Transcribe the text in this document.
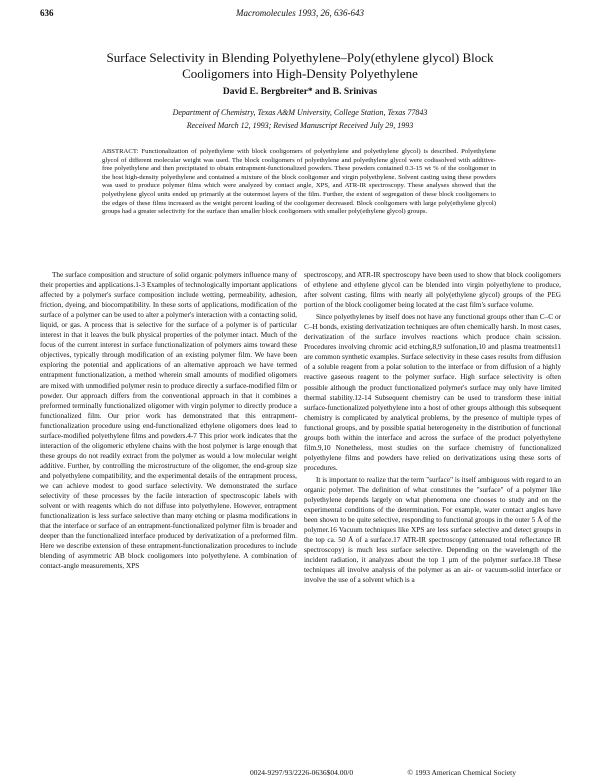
636	Macromolecules 1993, 26, 636-643
Surface Selectivity in Blending Polyethylene–Poly(ethylene glycol) Block Cooligomers into High-Density Polyethylene
David E. Bergbreiter* and B. Srinivas
Department of Chemistry, Texas A&M University, College Station, Texas 77843
Received March 12, 1993; Revised Manuscript Received July 29, 1993
ABSTRACT: Functionalization of polyethylene with block cooligomers of polyethylene and polyethylene glycol) is described. Polyethylene glycol of different molecular weight was used. The block cooligomers of polyethylene and polyethylene glycol were codissolved with additive-free polyethylene and then precipitated to obtain entrapment-functionalized powders. These powders contained 0.3-15 wt % of the cooligomer in the host high-density polyethylene and contained a mixture of the block cooligomer and virgin polyethylene. Solvent casting using these powders was used to produce polymer films which were analyzed by contact angle, XPS, and ATR-IR spectroscopy. These analyses showed that the polyethylene glycol units ended up primarily at the outermost layers of the film. Further, the extent of segregation of these block cooligomers to the edges of these films increased as the weight percent loading of the cooligomer decreased. Block cooligomers with large poly(ethylene glycol) groups had a greater selectivity for the surface than smaller block cooligomers with smaller poly(ethylene glycol) groups.

The surface composition and structure of solid organic polymers influence many of their properties and applications.1-3 Examples of technologically important applications affected by a polymer's surface composition include wetting, permeability, adhesion, friction, dyeing, and biocompatibility. In these sorts of applications, modification of the surface of a polymer can be used to alter a polymer's interaction with a contacting solid, liquid, or gas. A process that is selective for the surface of a polymer is of particular interest in that it leaves the bulk physical properties of the polymer intact. Much of the focus of the current interest in surface functionalization of polymers aims toward these objectives, typically through modification of an existing polymer film. We have been exploring the potential and applications of an alternative approach we have termed entrapment functionalization, a method wherein small amounts of modified oligomers are mixed with unmodified polymer resin to produce directly a surface-modified film or powder. Our approach differs from the conventional approach in that it combines a preformed terminally functionalized oligomer with virgin polymer to directly produce a functionalized film. Our prior work has demonstrated that this entrapment-functionalization procedure using end-functionalized ethylene oligomers does lead to surface-modified polyethylene films and powders.4-7 This prior work indicates that the interaction of the oligomeric ethylene chains with the host polymer is large enough that these groups do not readily extract from the polymer as would a low molecular weight additive. Further, by controlling the microstructure of the oligomer, the end-group size and polyethylene compatibility, and the experimental details of the entrapment process, we can achieve modest to good surface selectivity. We demonstrated the surface selectivity of these processes by the facile interaction of spectroscopic labels with solvent or with reagents which do not diffuse into polyethylene. However, entrapment functionalization is less surface selective than many etching or plasma modifications in that the interface or surface of an entrapment-functionalized polymer film is broader and deeper than the functionalized interface produced by derivatization of a preformed film. Here we describe extension of these entrapment-functionalization procedures to include blending of asymmetric AB block cooligomers into polyethylene. A combination of contact-angle measurements, XPS

spectroscopy, and ATR-IR spectroscopy have been used to show that block cooligomers of ethylene and ethylene glycol can be blended into virgin polyethylene to produce, after solvent casting, films with nearly all poly(ethylene glycol) groups of the PEG portion of the block cooligomer being located at the cast film's surface volume.

Since polyethylenes by itself does not have any functional groups other than C–C or C–H bonds, existing derivatization techniques are often chemically harsh. In most cases, derivatization of the surface involves reactions which produce chain scission. Procedures involving chromic acid etching,8,9 sulfonation,10 and plasma treatments11 are common synthetic examples. Surface selectivity in these cases results from diffusion of a soluble reagent from a polar solution to the interface or from diffusion of a highly reactive gaseous reagent to the polymer surface. High surface selectivity is often possible although the product functionalized polymer's surface may only have limited thermal stability.12-14 Subsequent chemistry can be used to transform these initial surface-functionalized polyethylene into a host of other groups although this subsequent chemistry is complicated by analytical problems, by the presence of multiple types of functional groups, and by possible spatial heterogeneity in the distribution of functional groups both within the interface and across the surface of the product polyethylene film.9,10 Nonetheless, most studies on the surface chemistry of functionalized polyethylene films and powders have relied on derivatizations using these sorts of procedures.

It is important to realize that the term "surface" is itself ambiguous with regard to an organic polymer. The definition of what constitutes the "surface" of a polymer like polyethylene depends largely on what phenomena one chooses to study and on the experimental conditions of the determination. For example, water contact angles have been shown to be quite selective, responding to functional groups in the outer 5 Å of the polymer.16 Vacuum techniques like XPS are less surface selective and detect groups in the top ca. 50 Å of a surface.17 ATR-IR spectroscopy (attenuated total reflectance IR spectroscopy) is much less surface selective. Depending on the wavelength of the incident radiation, it analyzes about the top 1 µm of the polymer surface.18 These techniques all involve analysis of the polymer as an air- or vacuum-solid interface or involve the use of a solvent which is a

0024-9297/93/2226-0636$04.00/0	© 1993 American Chemical Society
